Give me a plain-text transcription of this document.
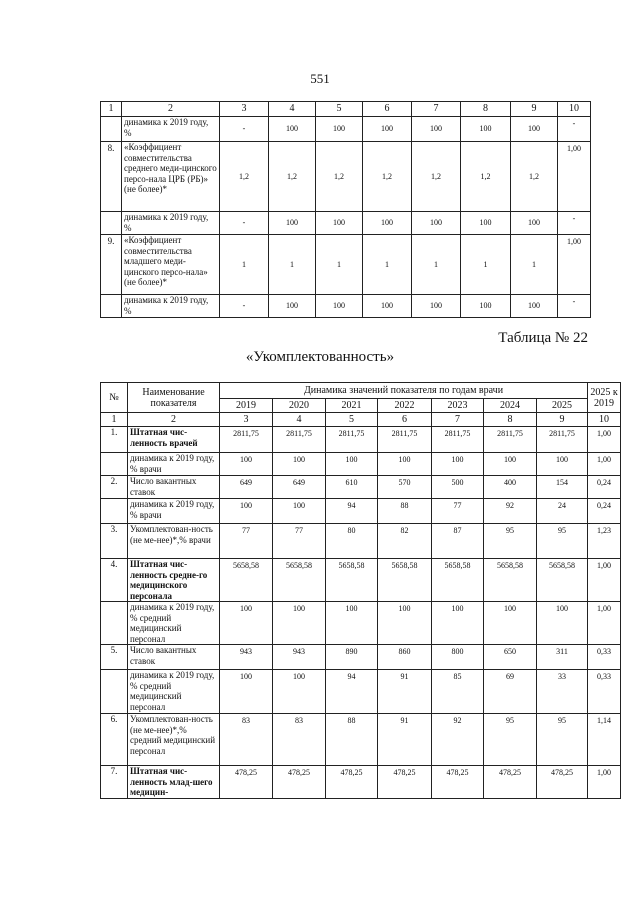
551
1	2	3	4	5	6	7	8	9	10
	динамика к 2019 году, %	-	100	100	100	100	100	100	-
8.	«Коэффициент совместительства среднего меди-цинского персо-нала ЦРБ (РБ)» (не более)*	1,2	1,2	1,2	1,2	1,2	1,2	1,2	1,00
	динамика к 2019 году, %	-	100	100	100	100	100	100	-
9.	«Коэффициент совместительства младшего меди-цинского персо-нала» (не более)*	1	1	1	1	1	1	1	1,00
	динамика к 2019 году, %	-	100	100	100	100	100	100	-
Таблица № 22
«Укомплектованность»
№	Наименование показателя	Динамика значений показателя по годам врачи							2025 к 2019
		2019	2020	2021	2022	2023	2024	2025	
1	2	3	4	5	6	7	8	9	10
1.	Штатная чис-ленность врачей	2811,75	2811,75	2811,75	2811,75	2811,75	2811,75	2811,75	1,00
	динамика к 2019 году, % врачи	100	100	100	100	100	100	100	1,00
2.	Число вакантных ставок	649	649	610	570	500	400	154	0,24
	динамика к 2019 году, % врачи	100	100	94	88	77	92	24	0,24
3.	Укомплектован-ность (не ме-нее)*,% врачи	77	77	80	82	87	95	95	1,23
4.	Штатная чис-ленность средне-го медицинского персонала	5658,58	5658,58	5658,58	5658,58	5658,58	5658,58	5658,58	1,00
	динамика к 2019 году, % средний медицинский персонал	100	100	100	100	100	100	100	1,00
5.	Число вакантных ставок	943	943	890	860	800	650	311	0,33
	динамика к 2019 году, % средний медицинский персонал	100	100	94	91	85	69	33	0,33
6.	Укомплектован-ность (не ме-нее)*,% средний медицинский персонал	83	83	88	91	92	95	95	1,14
7.	Штатная чис-ленность млад-шего медицин-	478,25	478,25	478,25	478,25	478,25	478,25	478,25	1,00
